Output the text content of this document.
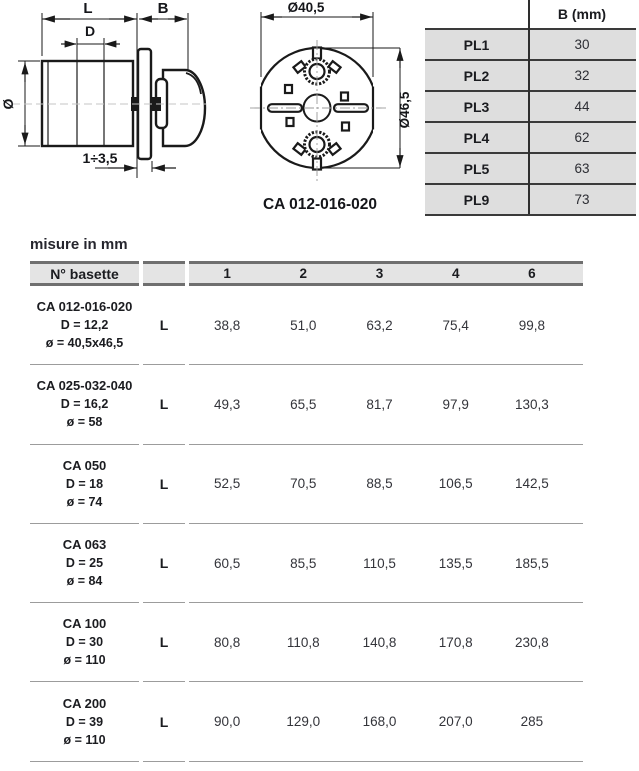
L	B
D
Ø
1÷3,5
Ø40,5
Ø46,5
CA 012-016-020
B (mm)
PL1	30
PL2	32
PL3	44
PL4	62
PL5	63
PL9	73
misure in mm
N° basette	1	2	3	4	6
CA 012-016-020
D = 12,2
ø = 40,5x46,5
L	38,8	51,0	63,2	75,4	99,8
CA 025-032-040
D = 16,2
ø = 58
L	49,3	65,5	81,7	97,9	130,3
CA 050
D = 18
ø = 74
L	52,5	70,5	88,5	106,5	142,5
CA 063
D = 25
ø = 84
L	60,5	85,5	110,5	135,5	185,5
CA 100
D = 30
ø = 110
L	80,8	110,8	140,8	170,8	230,8
CA 200
D = 39
ø = 110
L	90,0	129,0	168,0	207,0	285
